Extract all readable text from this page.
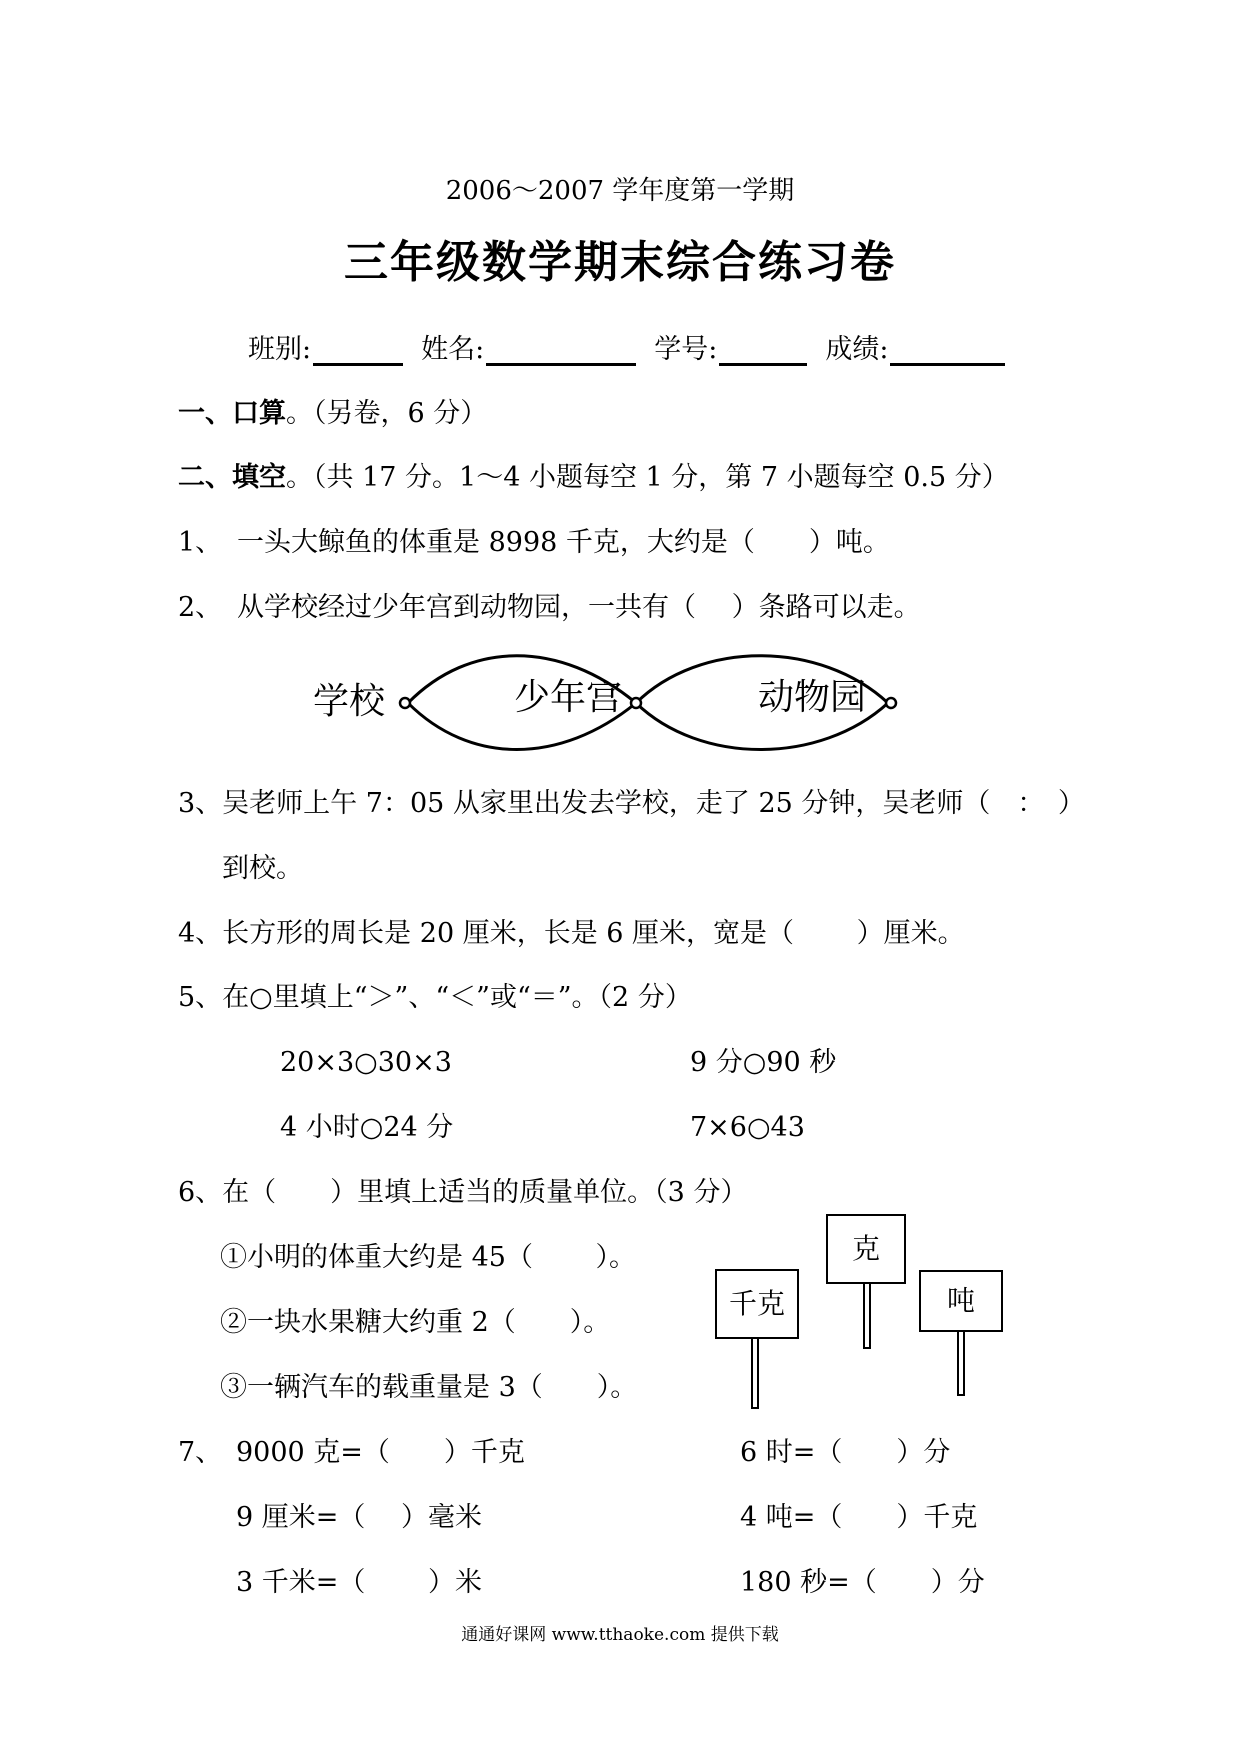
2006～2007 学年度第一学期
三年级数学期末综合练习卷
班别:	姓名:	学号:	成绩:
一、口算。（另卷，6 分）
二、填空。（共 17 分。1～4 小题每空 1 分，第 7 小题每空 0.5 分）
1、 一头大鲸鱼的体重是 8998 千克，大约是（　　）吨。
2、 从学校经过少年宫到动物园，一共有（　 ）条路可以走。
学校	少年宫	动物园
3、吴老师上午 7：05 从家里出发去学校，走了 25 分钟，吴老师（　：　）
到校。
4、长方形的周长是 20 厘米，长是 6 厘米，宽是（　　 ）厘米。
5、在○里填上“＞”、“＜”或“＝”。（2 分）
20×3○30×3	9 分○90 秒
4 小时○24 分	7×6○43
6、在（　　）里填上适当的质量单位。（3 分）
①小明的体重大约是 45（　　 ）。
②一块水果糖大约重 2（　　）。
③一辆汽车的载重量是 3（　　）。
千克
克
吨
7、 9000 克=（　　）千克	6 时=（　　）分
9 厘米=（　 ）毫米	4 吨=（　　）千克
3 千米=（　　 ）米	180 秒=（　　）分
通通好课网 www.tthaoke.com 提供下载
